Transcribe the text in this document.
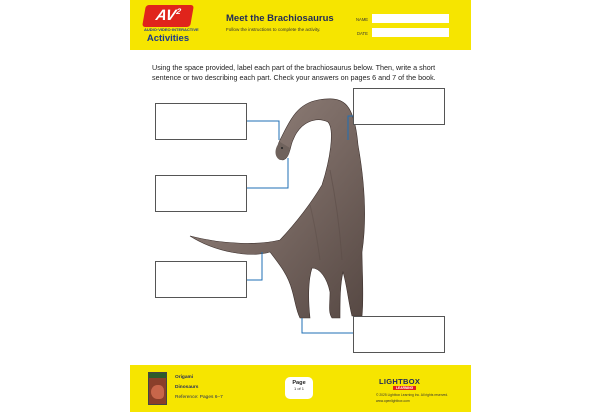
$AV^2$
AUDIO·VIDEO·INTERACTIVE
Activities
Meet the Brachiosaurus
Follow the instructions to complete the activity.
NAME
DATE

Using the space provided, label each part of the brachiosaurus below. Then, write a short sentence or two describing each part. Check your answers on pages 6 and 7 of the book.

Origami
Dinosaurs
Reference: Pages 6–7
Page
1 of 1
LIGHTBOX
LEARNING
© 2025 Lightbox Learning Inc. All rights reserved.
www.openlightbox.com
